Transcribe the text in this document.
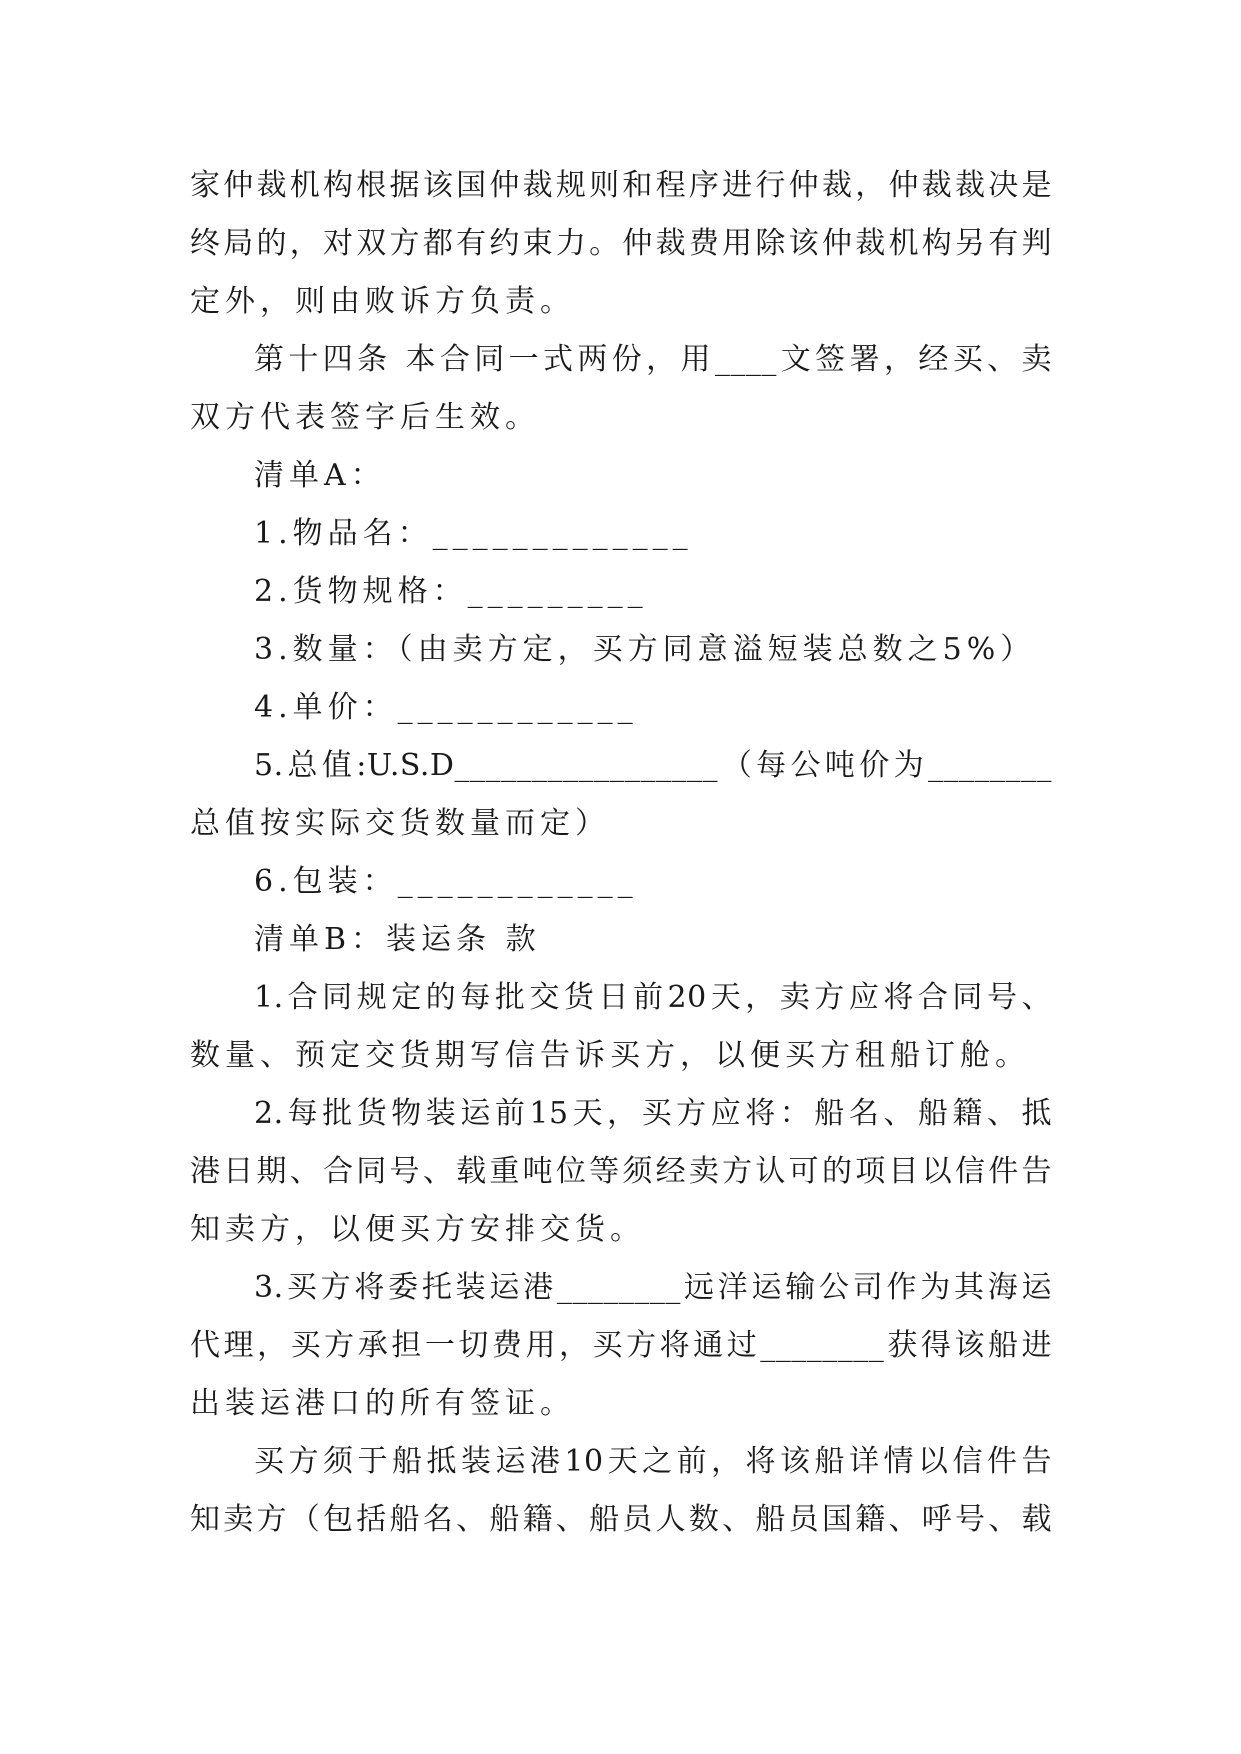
家仲裁机构根据该国仲裁规则和程序进行仲裁，仲裁裁决是
终局的，对双方都有约束力。仲裁费用除该仲裁机构另有判
定外，则由败诉方负责。
第十四条 本合同一式两份，用____文签署，经买、卖
双方代表签字后生效。
清单A：
1.物品名：_____________
2.货物规格：_________
3.数量：（由卖方定，买方同意溢短装总数之5%）
4.单价：____________
5.总值:U.S.D_________________（每公吨价为________
总值按实际交货数量而定）
6.包装：____________
清单B：装运条 款
1.合同规定的每批交货日前20天，卖方应将合同号、
数量、预定交货期写信告诉买方，以便买方租船订舱。
2.每批货物装运前15天，买方应将：船名、船籍、抵
港日期、合同号、载重吨位等须经卖方认可的项目以信件告
知卖方，以便买方安排交货。
3.买方将委托装运港________远洋运输公司作为其海运
代理，买方承担一切费用，买方将通过________获得该船进
出装运港口的所有签证。
买方须于船抵装运港10天之前，将该船详情以信件告
知卖方（包括船名、船籍、船员人数、船员国籍、呼号、载
